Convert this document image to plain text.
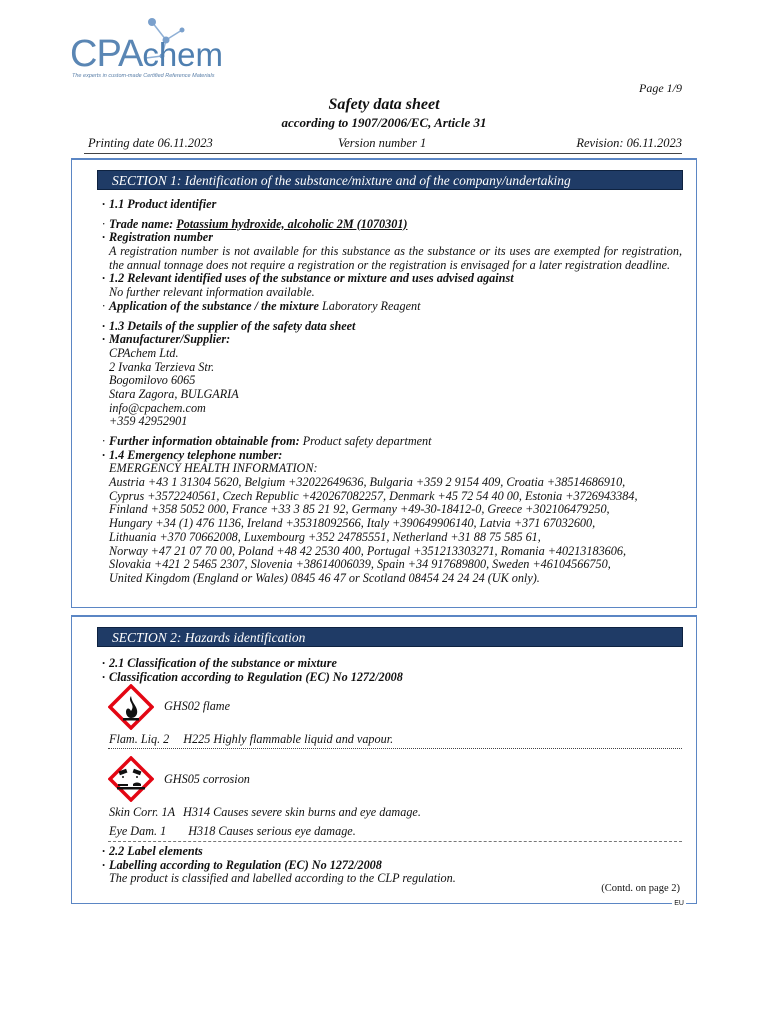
CPAchem
The experts in custom-made Certified Reference Materials
Page 1/9
Safety data sheet
according to 1907/2006/EC, Article 31
Printing date 06.11.2023	Version number 1	Revision: 06.11.2023
SECTION 1: Identification of the substance/mixture and of the company/undertaking
· 1.1 Product identifier
· Trade name: Potassium hydroxide, alcoholic 2M (1070301)
· Registration number
A registration number is not available for this substance as the substance or its uses are exempted for registration, the annual tonnage does not require a registration or the registration is envisaged for a later registration deadline.
· 1.2 Relevant identified uses of the substance or mixture and uses advised against
No further relevant information available.
· Application of the substance / the mixture Laboratory Reagent
· 1.3 Details of the supplier of the safety data sheet
· Manufacturer/Supplier:
CPAchem Ltd.
2 Ivanka Terzieva Str.
Bogomilovo 6065
Stara Zagora, BULGARIA
info@cpachem.com
+359 42952901
· Further information obtainable from: Product safety department
· 1.4 Emergency telephone number:
EMERGENCY HEALTH INFORMATION:
Austria +43 1 31304 5620, Belgium +32022649636, Bulgaria +359 2 9154 409, Croatia +38514686910,
Cyprus +3572240561, Czech Republic +420267082257, Denmark +45 72 54 40 00, Estonia +3726943384,
Finland +358 5052 000, France +33 3 85 21 92, Germany +49-30-18412-0, Greece +302106479250,
Hungary +34 (1) 476 1136, Ireland +35318092566, Italy +390649906140, Latvia +371 67032600,
Lithuania +370 70662008, Luxembourg +352 24785551, Netherland +31 88 75 585 61,
Norway +47 21 07 70 00, Poland +48 42 2530 400, Portugal +351213303271, Romania +40213183606,
Slovakia +421 2 5465 2307, Slovenia +38614006039, Spain +34 917689800, Sweden +46104566750,
United Kingdom (England or Wales) 0845 46 47 or Scotland 08454 24 24 24 (UK only).
SECTION 2: Hazards identification
· 2.1 Classification of the substance or mixture
· Classification according to Regulation (EC) No 1272/2008
GHS02 flame
Flam. Liq. 2 H225 Highly flammable liquid and vapour.
GHS05 corrosion
Skin Corr. 1A H314 Causes severe skin burns and eye damage.
Eye Dam. 1 H318 Causes serious eye damage.
· 2.2 Label elements
· Labelling according to Regulation (EC) No 1272/2008
The product is classified and labelled according to the CLP regulation.
(Contd. on page 2)
EU
